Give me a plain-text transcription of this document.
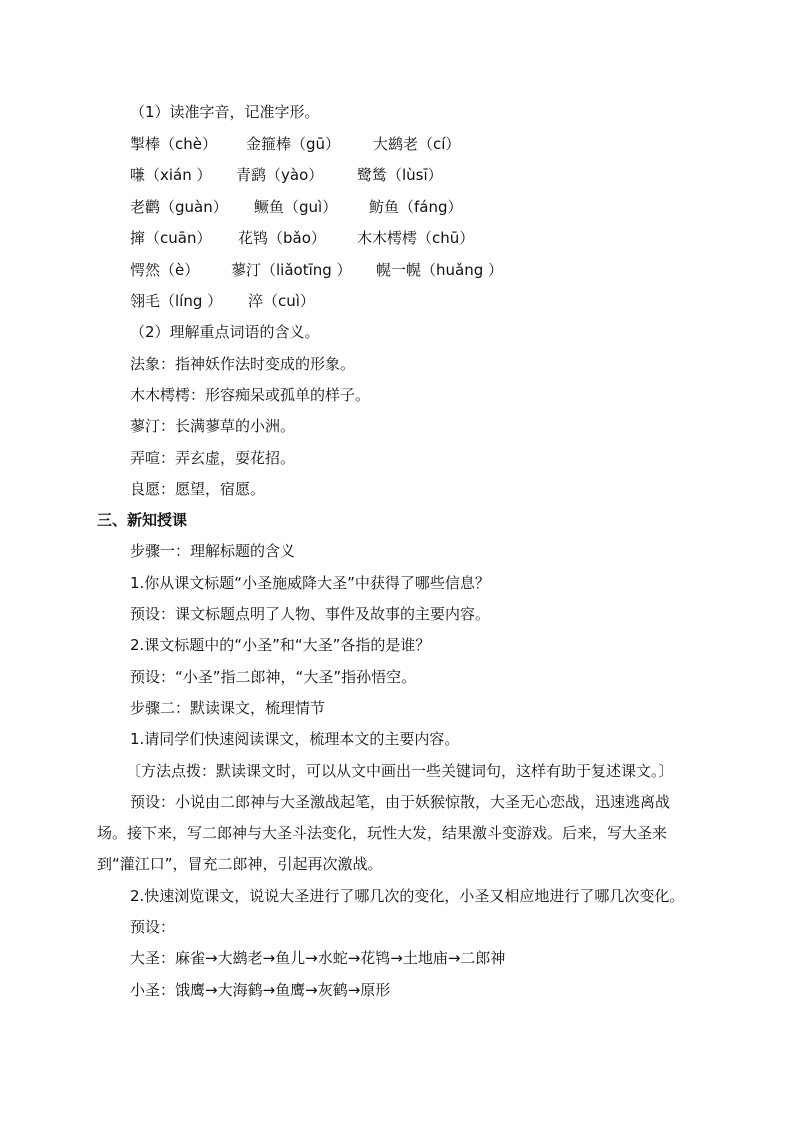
（1）读准字音，记准字形。
掣棒（chè） 金箍棒（gū） 大鹚老（cí）
嗛（xián ） 青鹞（yào） 鹭鸶（lùsī）
老鹳（guàn） 鳜鱼（guì） 鲂鱼（fáng）
撺（cuān） 花鸨（bǎo） 木木樗樗（chū）
愕然（è） 蓼汀（liǎotīng ） 幌一幌（huǎng ）
翎毛（líng ） 淬（cuì）
（2）理解重点词语的含义。
法象：指神妖作法时变成的形象。
木木樗樗：形容痴呆或孤单的样子。
蓼汀：长满蓼草的小洲。
弄喧：弄玄虚，耍花招。
良愿：愿望，宿愿。
三、新知授课
步骤一：理解标题的含义
1.你从课文标题“小圣施威降大圣”中获得了哪些信息？
预设：课文标题点明了人物、事件及故事的主要内容。
2.课文标题中的“小圣”和“大圣”各指的是谁？
预设：“小圣”指二郎神，“大圣”指孙悟空。
步骤二：默读课文，梳理情节
1.请同学们快速阅读课文，梳理本文的主要内容。
〔方法点拨：默读课文时，可以从文中画出一些关键词句，这样有助于复述课文。〕
预设：小说由二郎神与大圣激战起笔，由于妖猴惊散，大圣无心恋战，迅速逃离战
场。接下来，写二郎神与大圣斗法变化，玩性大发，结果激斗变游戏。后来，写大圣来
到“灌江口”，冒充二郎神，引起再次激战。
2.快速浏览课文，说说大圣进行了哪几次的变化，小圣又相应地进行了哪几次变化。
预设：
大圣：麻雀→大鹚老→鱼儿→水蛇→花鸨→土地庙→二郎神
小圣：饿鹰→大海鹤→鱼鹰→灰鹤→原形
